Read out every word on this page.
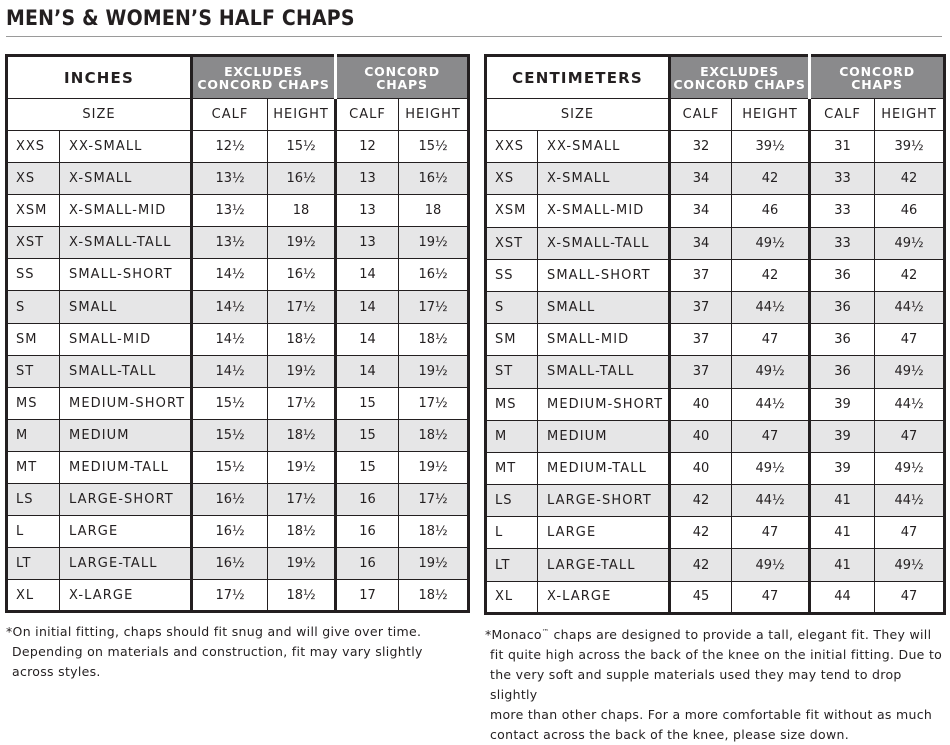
MEN’S & WOMEN’S HALF CHAPS
INCHES		EXCLUDES
CONCORD CHAPS		CONCORD CHAPS	
SIZE		CALF	HEIGHT	CALF	HEIGHT
XXS	XX-SMALL	12½	15½	12	15½
XS	X-SMALL	13½	16½	13	16½
XSM	X-SMALL-MID	13½	18	13	18
XST	X-SMALL-TALL	13½	19½	13	19½
SS	SMALL-SHORT	14½	16½	14	16½
S	SMALL	14½	17½	14	17½
SM	SMALL-MID	14½	18½	14	18½
ST	SMALL-TALL	14½	19½	14	19½
MS	MEDIUM-SHORT	15½	17½	15	17½
M	MEDIUM	15½	18½	15	18½
MT	MEDIUM-TALL	15½	19½	15	19½
LS	LARGE-SHORT	16½	17½	16	17½
L	LARGE	16½	18½	16	18½
LT	LARGE-TALL	16½	19½	16	19½
XL	X-LARGE	17½	18½	17	18½
CENTIMETERS		EXCLUDES
CONCORD CHAPS		CONCORD CHAPS	
SIZE		CALF	HEIGHT	CALF	HEIGHT
XXS	XX-SMALL	32	39½	31	39½
XS	X-SMALL	34	42	33	42
XSM	X-SMALL-MID	34	46	33	46
XST	X-SMALL-TALL	34	49½	33	49½
SS	SMALL-SHORT	37	42	36	42
S	SMALL	37	44½	36	44½
SM	SMALL-MID	37	47	36	47
ST	SMALL-TALL	37	49½	36	49½
MS	MEDIUM-SHORT	40	44½	39	44½
M	MEDIUM	40	47	39	47
MT	MEDIUM-TALL	40	49½	39	49½
LS	LARGE-SHORT	42	44½	41	44½
L	LARGE	42	47	41	47
LT	LARGE-TALL	42	49½	41	49½
XL	X-LARGE	45	47	44	47
*On initial fitting, chaps should fit snug and will give over time.
Depending on materials and construction, fit may vary slightly
across styles.
*Monaco™ chaps are designed to provide a tall, elegant fit. They will
fit quite high across the back of the knee on the initial fitting. Due to
the very soft and supple materials used they may tend to drop slightly
more than other chaps. For a more comfortable fit without as much
contact across the back of the knee, please size down.
